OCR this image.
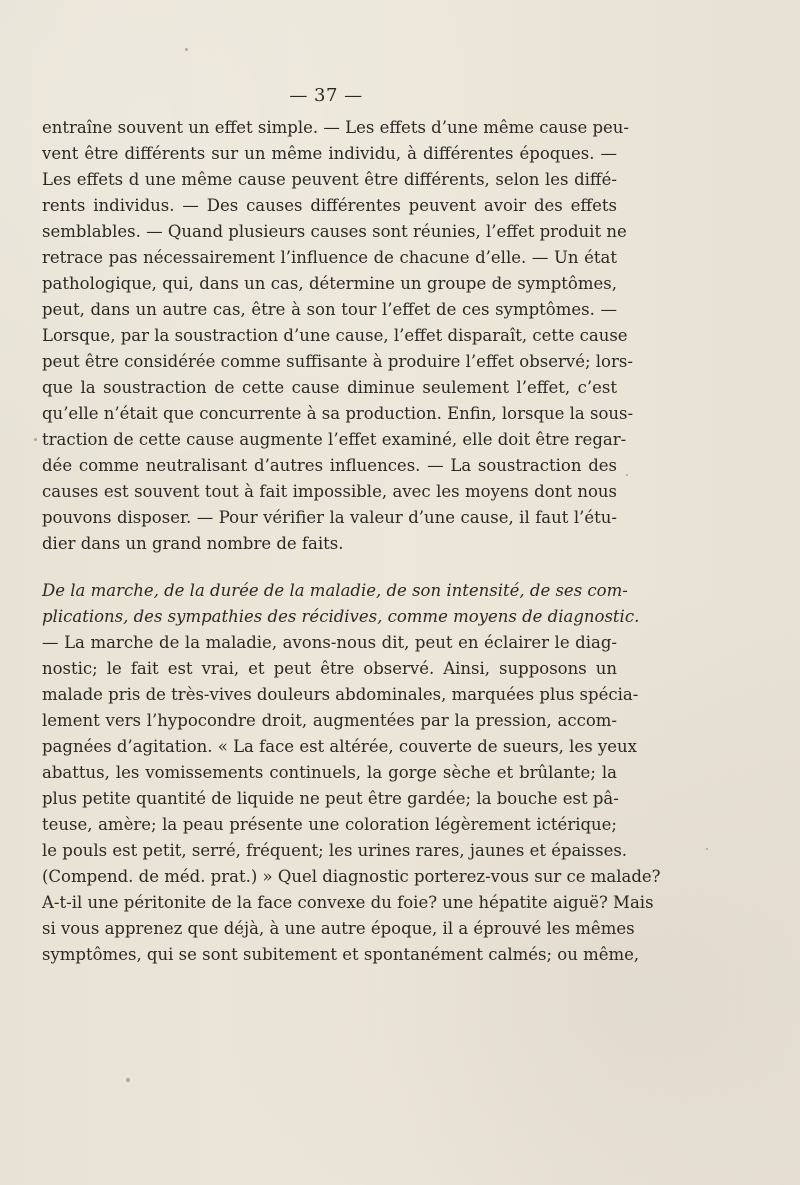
— 37 —
entraîne souvent un effet simple. — Les effets d’une même cause peu-
vent être différents sur un même individu, à différentes époques. —
Les effets d une même cause peuvent être différents, selon les diffé-
rents individus. — Des causes différentes peuvent avoir des effets
semblables. — Quand plusieurs causes sont réunies, l’effet produit ne
retrace pas nécessairement l’influence de chacune d’elle. — Un état
pathologique, qui, dans un cas, détermine un groupe de symptômes,
peut, dans un autre cas, être à son tour l’effet de ces symptômes. —
Lorsque, par la soustraction d’une cause, l’effet disparaît, cette cause
peut être considérée comme suffisante à produire l’effet observé; lors-
que la soustraction de cette cause diminue seulement l’effet, c’est
qu’elle n’était que concurrente à sa production. Enfin, lorsque la sous-
traction de cette cause augmente l’effet examiné, elle doit être regar-
dée comme neutralisant d’autres influences. — La soustraction des
causes est souvent tout à fait impossible, avec les moyens dont nous
pouvons disposer. — Pour vérifier la valeur d’une cause, il faut l’étu-
dier dans un grand nombre de faits.
De la marche, de la durée de la maladie, de son intensité, de ses com-
plications, des sympathies des récidives, comme moyens de diagnostic.
— La marche de la maladie, avons-nous dit, peut en éclairer le diag-
nostic; le fait est vrai, et peut être observé. Ainsi, supposons un
malade pris de très-vives douleurs abdominales, marquées plus spécia-
lement vers l’hypocondre droit, augmentées par la pression, accom-
pagnées d’agitation. « La face est altérée, couverte de sueurs, les yeux
abattus, les vomissements continuels, la gorge sèche et brûlante; la
plus petite quantité de liquide ne peut être gardée; la bouche est pâ-
teuse, amère; la peau présente une coloration légèrement ictérique;
le pouls est petit, serré, fréquent; les urines rares, jaunes et épaisses.
(Compend. de méd. prat.) » Quel diagnostic porterez-vous sur ce malade?
A-t-il une péritonite de la face convexe du foie? une hépatite aiguë? Mais
si vous apprenez que déjà, à une autre époque, il a éprouvé les mêmes
symptômes, qui se sont subitement et spontanément calmés; ou même,
